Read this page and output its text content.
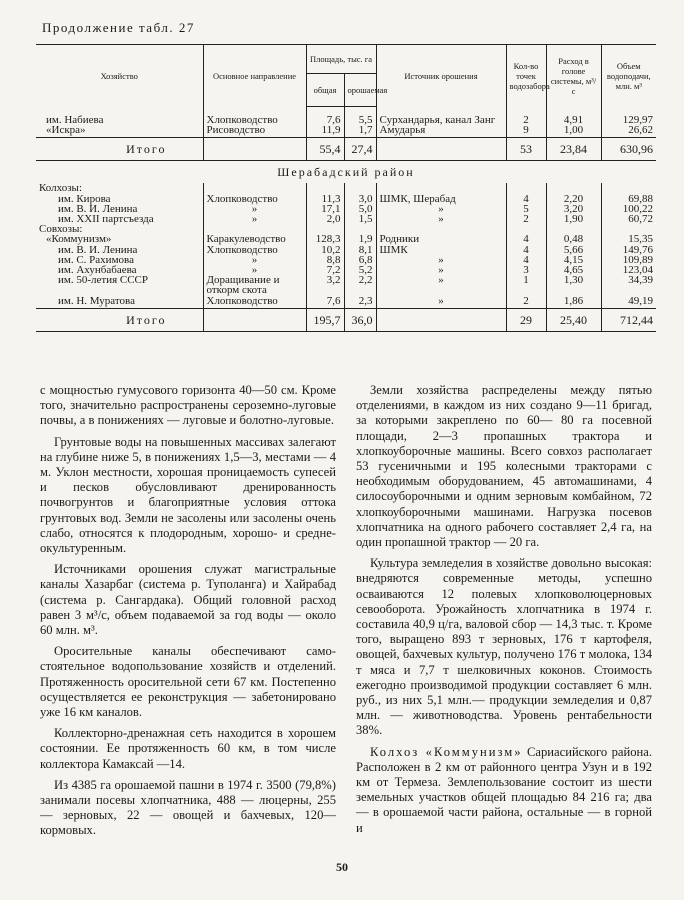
Продолжение табл. 27
Хозяйство	Основное направление	Площадь, тыс. га		Источник орошения	Кол-во точек водозабора	Расход в голове системы, м³/с	Объем водоподачи, млн. м³
		общая	орошаемая				

им. Набиева	Хлопководство	7,6	5,5	Сурхандарья, канал Занг	2	4,91	129,97
«Искра»	Рисоводство	11,9	1,7	Амударья	9	1,00	26,62
Итого		55,4	27,4		53	23,84	630,96
Шерабадский район							
Колхозы:							
им. Кирова	Хлопководство	11,3	3,0	ШМК, Шерабад	4	2,20	69,88
им. В. И. Ленина	»	17,1	5,0	»	5	3,20	100,22
им. XXII партсъезда	»	2,0	1,5	»	2	1,90	60,72
Совхозы:							
«Коммунизм»	Каракулеводство	128,3	1,9	Родники	4	0,48	15,35
им. В. И. Ленина	Хлопководство	10,2	8,1	ШМК	4	5,66	149,76
им. С. Рахимова	»	8,8	6,8	»	4	4,15	109,89
им. Ахунбабаева	»	7,2	5,2	»	3	4,65	123,04
им. 50-летия СССР	Доращивание и откорм скота	3,2	2,2	»	1	1,30	34,39
им. Н. Муратова	Хлопководство	7,6	2,3	»	2	1,86	49,19
Итого		195,7	36,0		29	25,40	712,44

с мощностью гумусового горизонта 40—50 см. Кроме того, значительно распространены сероземно-луговые почвы, а в понижениях — луговые и болотно-луговые.

Грунтовые воды на повышенных массивах залегают на глубине ниже 5, в понижениях 1,5—3, местами — 4 м. Уклон местности, хорошая проницаемость супесей и песков обусловливают дренированность почвогрунтов и благоприятные условия оттока грунтовых вод. Земли не засолены или засолены очень слабо, относятся к плодородным, хорошо- и среднеокультуренным.

Источниками орошения служат магистральные каналы Хазарбаг (система р. Туполанга) и Хайрабад (система р. Сангардака). Общий головной расход равен 3 м³/с, объем подаваемой за год воды — около 60 млн. м³.

Оросительные каналы обеспечивают самостоятельное водопользование хозяйств и отделений. Протяженность оросительной сети 67 км. Постепенно осуществляется ее реконструкция — забетонировано уже 16 км каналов.

Коллекторно-дренажная сеть находится в хорошем состоянии. Ее протяженность 60 км, в том числе коллектора Камаксай —14.

Из 4385 га орошаемой пашни в 1974 г. 3500 (79,8%) занимали посевы хлопчатника, 488 — люцерны, 255 — зерновых, 22 — овощей и бахчевых, 120— кормовых.

Земли хозяйства распределены между пятью отделениями, в каждом из них создано 9—11 бригад, за которыми закреплено по 60— 80 га посевной площади, 2—3 пропашных трактора и хлопкоуборочные машины. Всего совхоз располагает 53 гусеничными и 195 колесными тракторами с необходимым оборудованием, 45 автомашинами, 4 силосоуборочными и одним зерновым комбайном, 72 хлопкоуборочными машинами. Нагрузка посевов хлопчатника на одного рабочего составляет 2,4 га, на один пропашной трактор — 20 га.

Культура земледелия в хозяйстве довольно высокая: внедряются современные методы, успешно осваиваются 12 полевых хлопковолюцерновых севооборота. Урожайность хлопчатника в 1974 г. составила 40,9 ц/га, валовой сбор — 14,3 тыс. т. Кроме того, выращено 893 т зерновых, 176 т картофеля, овощей, бахчевых культур, получено 176 т молока, 134 т мяса и 7,7 т шелковичных коконов. Стоимость ежегодно производимой продукции составляет 6 млн. руб., из них 5,1 млн.— продукции земледелия и 0,87 млн. — животноводства. Уровень рентабельности 38%.

Колхоз «Коммунизм» Сариасийского района. Расположен в 2 км от районного центра Узун и в 192 км от Термеза. Землепользование состоит из шести земельных участков общей площадью 84 216 га; два — в орошаемой части района, остальные — в горной и

50
